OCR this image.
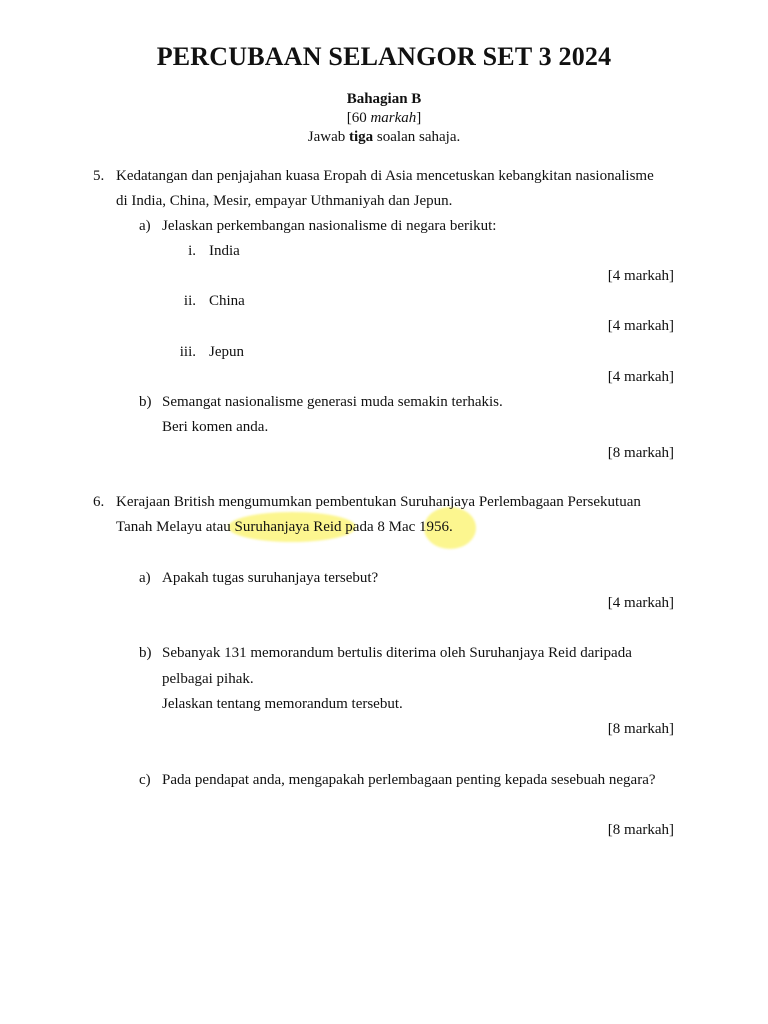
PERCUBAAN SELANGOR SET 3 2024
Bahagian B
[60 markah]
Jawab tiga soalan sahaja.
5. Kedatangan dan penjajahan kuasa Eropah di Asia mencetuskan kebangkitan nasionalisme
di India, China, Mesir, empayar Uthmaniyah dan Jepun.
a) Jelaskan perkembangan nasionalisme di negara berikut:
i. India
[4 markah]
ii. China
[4 markah]
iii. Jepun
[4 markah]
b) Semangat nasionalisme generasi muda semakin terhakis.
Beri komen anda.
[8 markah]
6. Kerajaan British mengumumkan pembentukan Suruhanjaya Perlembagaan Persekutuan
Tanah Melayu atau Suruhanjaya Reid pada 8 Mac 1956.
a) Apakah tugas suruhanjaya tersebut?
[4 markah]
b) Sebanyak 131 memorandum bertulis diterima oleh Suruhanjaya Reid daripada
pelbagai pihak.
Jelaskan tentang memorandum tersebut.
[8 markah]
c) Pada pendapat anda, mengapakah perlembagaan penting kepada sesebuah negara?
[8 markah]
